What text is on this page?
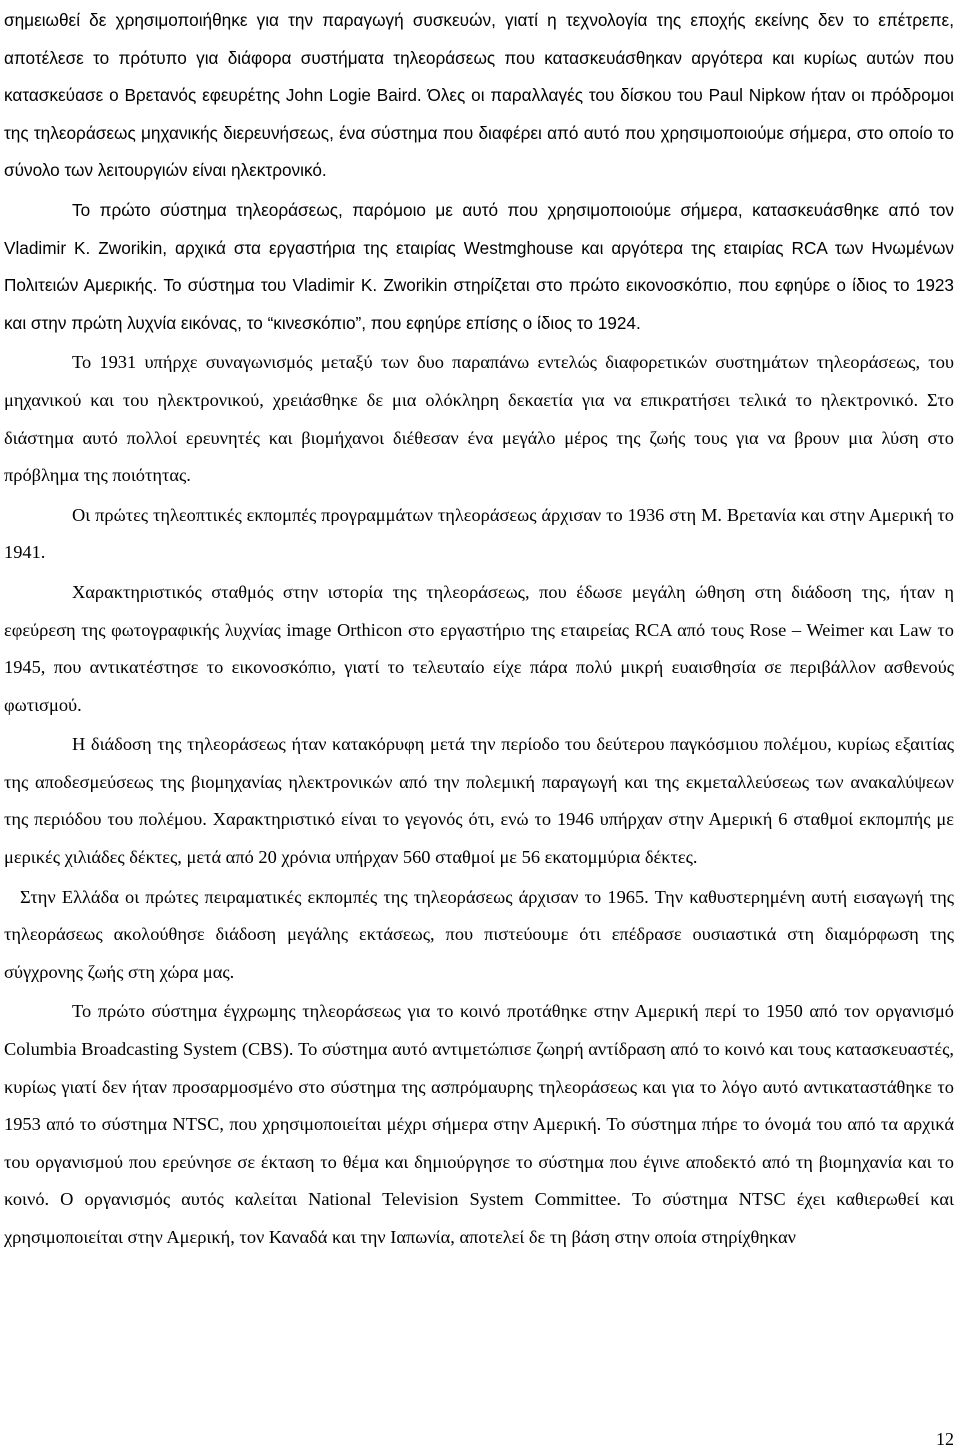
σημειωθεί δε χρησιμοποιήθηκε για την παραγωγή συσκευών, γιατί η τεχνολογία της εποχής εκείνης δεν το επέτρεπε, αποτέλεσε το πρότυπο για διάφορα συστήματα τηλεοράσεως που κατασκευάσθηκαν αργότερα και κυρίως αυτών που κατασκεύασε ο Βρετανός εφευρέτης John Logie Baird. Όλες οι παραλλαγές του δίσκου του Paul Nipkow ήταν οι πρόδρομοι της τηλεοράσεως μηχανικής διερευνήσεως, ένα σύστημα που διαφέρει από αυτό που χρησιμοποιούμε σήμερα, στο οποίο το σύνολο των λειτουργιών είναι ηλεκτρονικό.

Το πρώτο σύστημα τηλεοράσεως, παρόμοιο με αυτό που χρησιμοποιούμε σήμερα, κατασκευάσθηκε από τον Vladimir K. Zworikin, αρχικά στα εργαστήρια της εταιρίας Westmghouse και αργότερα της εταιρίας RCA των Ηνωμένων Πολιτειών Αμερικής. Το σύστημα του Vladimir K. Zworikin στηρίζεται στο πρώτο εικονοσκόπιο, που εφηύρε ο ίδιος το 1923 και στην πρώτη λυχνία εικόνας, το “κινεσκόπιο”, που εφηύρε επίσης ο ίδιος το 1924.

Το 1931 υπήρχε συναγωνισμός μεταξύ των δυο παραπάνω εντελώς διαφορετικών συστημάτων τηλεοράσεως, του μηχανικού και του ηλεκτρονικού, χρειάσθηκε δε μια ολόκληρη δεκαετία για να επικρατήσει τελικά το ηλεκτρονικό. Στο διάστημα αυτό πολλοί ερευνητές και βιομήχανοι διέθεσαν ένα μεγάλο μέρος της ζωής τους για να βρουν μια λύση στο πρόβλημα της ποιότητας.

Οι πρώτες τηλεοπτικές εκπομπές προγραμμάτων τηλεοράσεως άρχισαν το 1936 στη Μ. Βρετανία και στην Αμερική το 1941.

Χαρακτηριστικός σταθμός στην ιστορία της τηλεοράσεως, που έδωσε μεγάλη ώθηση στη διάδοση της, ήταν η εφεύρεση της φωτογραφικής λυχνίας image Orthicon στο εργαστήριο της εταιρείας RCA από τους Rose – Weimer και Law το 1945, που αντικατέστησε το εικονοσκόπιο, γιατί το τελευταίο είχε πάρα πολύ μικρή ευαισθησία σε περιβάλλον ασθενούς φωτισμού.

Η διάδοση της τηλεοράσεως ήταν κατακόρυφη μετά την περίοδο του δεύτερου παγκόσμιου πολέμου, κυρίως εξαιτίας της αποδεσμεύσεως της βιομηχανίας ηλεκτρονικών από την πολεμική παραγωγή και της εκμεταλλεύσεως των ανακαλύψεων της περιόδου του πολέμου. Χαρακτηριστικό είναι το γεγονός ότι, ενώ το 1946 υπήρχαν στην Αμερική 6 σταθμοί εκπομπής με μερικές χιλιάδες δέκτες, μετά από 20 χρόνια υπήρχαν 560 σταθμοί με 56 εκατομμύρια δέκτες.

Στην Ελλάδα οι πρώτες πειραματικές εκπομπές της τηλεοράσεως άρχισαν το 1965. Την καθυστερημένη αυτή εισαγωγή της τηλεοράσεως ακολούθησε διάδοση μεγάλης εκτάσεως, που πιστεύουμε ότι επέδρασε ουσιαστικά στη διαμόρφωση της σύγχρονης ζωής στη χώρα μας.

Το πρώτο σύστημα έγχρωμης τηλεοράσεως για το κοινό προτάθηκε στην Αμερική περί το 1950 από τον οργανισμό Columbia Broadcasting System (CBS). Το σύστημα αυτό αντιμετώπισε ζωηρή αντίδραση από το κοινό και τους κατασκευαστές, κυρίως γιατί δεν ήταν προσαρμοσμένο στο σύστημα της ασπρόμαυρης τηλεοράσεως και για το λόγο αυτό αντικαταστάθηκε το 1953 από το σύστημα NTSC, που χρησιμοποιείται μέχρι σήμερα στην Αμερική. Το σύστημα πήρε το όνομά του από τα αρχικά του οργανισμού που ερεύνησε σε έκταση το θέμα και δημιούργησε το σύστημα που έγινε αποδεκτό από τη βιομηχανία και το κοινό. Ο οργανισμός αυτός καλείται National Television System Committee. Το σύστημα NTSC έχει καθιερωθεί και χρησιμοποιείται στην Αμερική, τον Καναδά και την Ιαπωνία, αποτελεί δε τη βάση στην οποία στηρίχθηκαν

12
